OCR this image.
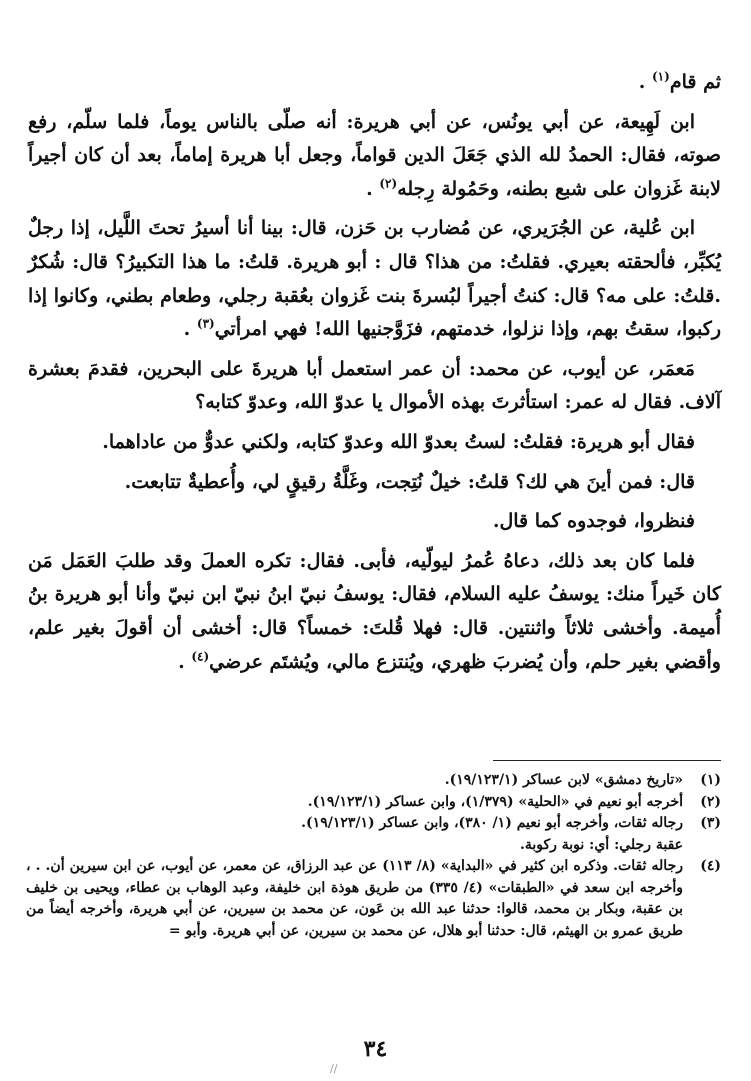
ثم قام$^{(١)}$ .

ابن لَهِيعة، عن أبي يونُس، عن أبي هريرة: أنه صلّى بالناس يوماً، فلما سلّم، رفع صوته، فقال: الحمدُ لله الذي جَعَلَ الدين قواماً، وجعل أبا هريرة إماماً، بعد أن كان أجيراً لابنة غَزوان على شبع بطنه، وحَمُولة رِجله$^{(٢)}$ .

ابن عُلية، عن الجُرَيري، عن مُضارب بن حَزن، قال: بينا أنا أسيرُ تحتَ اللَّيل، إذا رجلٌ يُكبِّر، فألحقته بعيري. فقلتُ: من هذا؟ قال : أبو هريرة. قلتُ: ما هذا التكبيرُ؟ قال: شُكرٌ .قلتُ: على مه؟ قال: كنتُ أجيراً لبُسرةَ بنت غَزوان بعُقبة رجلي، وطعام بطني، وكانوا إذا ركبوا، سقتُ بهم، وإذا نزلوا، خدمتهم، فزَوَّجنيها الله! فهي امرأتي$^{(٣)}$ .

مَعمَر، عن أيوب، عن محمد: أن عمر استعمل أبا هريرةَ على البحرين، فقدمَ بعشرة آلاف. فقال له عمر: استأثرتَ بهذه الأموال يا عدوّ الله، وعدوّ كتابه؟

فقال أبو هريرة: فقلتُ: لستُ بعدوّ الله وعدوّ كتابه، ولكني عدوٌّ من عاداهما.

قال: فمن أينَ هي لك؟ قلتُ: خيلٌ نُتِجت، وغَلَّةُ رقيقٍ لي، وأُعطيةٌ تتابعت.

فنظروا، فوجدوه كما قال.

فلما كان بعد ذلك، دعاهُ عُمرُ ليولّيه، فأبى. فقال: تكره العملَ وقد طلبَ العَمَل مَن كان خَيراً منك: يوسفُ عليه السلام، فقال: يوسفُ نبيّ ابنُ نبيّ ابن نبيّ وأنا أبو هريرة بنُ أُميمة. وأخشى ثلاثاً واثنتين. قال: فهلا قُلتَ: خمساً؟ قال: أخشى أن أقولَ بغير علم، وأقضي بغير حلم، وأن يُضربَ ظهري، ويُنتزع مالي، ويُشتَم عرضي$^{(٤)}$ .

(١)
«تاريخ دمشق» لابن عساكر (١٩/١٢٣/١).
(٢)
أخرجه أبو نعيم في «الحلية» (١/٣٧٩)، وابن عساكر (١٩/١٢٣/١).
(٣)
رجاله ثقات، وأخرجه أبو نعيم (١/ ٣٨٠)، وابن عساكر (١٩/١٢٣/١).
عقبة رجلي: أي: نوبة ركوبة.
(٤)
رجاله ثقات. وذكره ابن كثير في «البداية» (٨/ ١١٣) عن عبد الرزاق، عن معمر، عن أيوب، عن ابن سيرين أن. . ، وأخرجه ابن سعد في «الطبقات» (٤/ ٣٣٥) من طريق هوذة ابن خليفة، وعبد الوهاب بن عطاء، ويحيى بن خليف بن عقبة، وبكار بن محمد، قالوا: حدثنا عبد الله بن عَون، عن محمد بن سيرين، عن أبي هريرة، وأخرجه أيضاً من طريق عمرو بن الهيثم، قال: حدثنا أبو هلال، عن محمد بن سيرين، عن أبي هريرة. وأبو =
٣٤
//
